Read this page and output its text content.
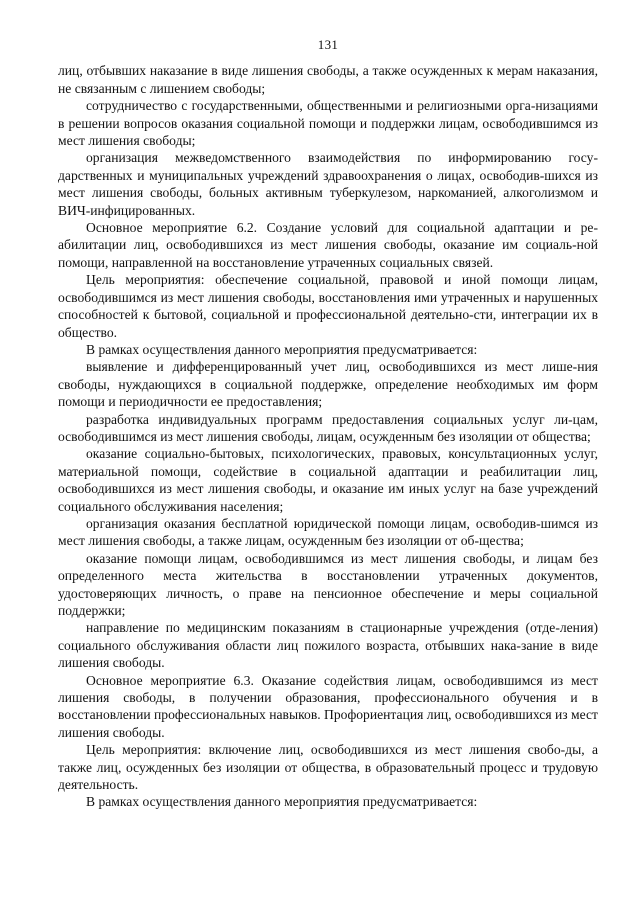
131

лиц, отбывших наказание в виде лишения свободы, а также осужденных к мерам наказания, не связанным с лишением свободы;

сотрудничество с государственными, общественными и религиозными орга-низациями в решении вопросов оказания социальной помощи и поддержки лицам, освободившимся из мест лишения свободы;

организация межведомственного взаимодействия по информированию госу-дарственных и муниципальных учреждений здравоохранения о лицах, освободив-шихся из мест лишения свободы, больных активным туберкулезом, наркоманией, алкоголизмом и ВИЧ-инфицированных.

Основное мероприятие 6.2. Создание условий для социальной адаптации и ре-абилитации лиц, освободившихся из мест лишения свободы, оказание им социаль-ной помощи, направленной на восстановление утраченных социальных связей.

Цель мероприятия: обеспечение социальной, правовой и иной помощи лицам, освободившимся из мест лишения свободы, восстановления ими утраченных и нарушенных способностей к бытовой, социальной и профессиональной деятельно-сти, интеграции их в общество.

В рамках осуществления данного мероприятия предусматривается:

выявление и дифференцированный учет лиц, освободившихся из мест лише-ния свободы, нуждающихся в социальной поддержке, определение необходимых им форм помощи и периодичности ее предоставления;

разработка индивидуальных программ предоставления социальных услуг ли-цам, освободившимся из мест лишения свободы, лицам, осужденным без изоляции от общества;

оказание социально-бытовых, психологических, правовых, консультационных услуг, материальной помощи, содействие в социальной адаптации и реабилитации лиц, освободившихся из мест лишения свободы, и оказание им иных услуг на базе учреждений социального обслуживания населения;

организация оказания бесплатной юридической помощи лицам, освободив-шимся из мест лишения свободы, а также лицам, осужденным без изоляции от об-щества;

оказание помощи лицам, освободившимся из мест лишения свободы, и лицам без определенного места жительства в восстановлении утраченных документов, удостоверяющих личность, о праве на пенсионное обеспечение и меры социальной поддержки;

направление по медицинским показаниям в стационарные учреждения (отде-ления) социального обслуживания области лиц пожилого возраста, отбывших нака-зание в виде лишения свободы.

Основное мероприятие 6.3. Оказание содействия лицам, освободившимся из мест лишения свободы, в получении образования, профессионального обучения и в восстановлении профессиональных навыков. Профориентация лиц, освободившихся из мест лишения свободы.

Цель мероприятия: включение лиц, освободившихся из мест лишения свобо-ды, а также лиц, осужденных без изоляции от общества, в образовательный процесс и трудовую деятельность.

В рамках осуществления данного мероприятия предусматривается:
